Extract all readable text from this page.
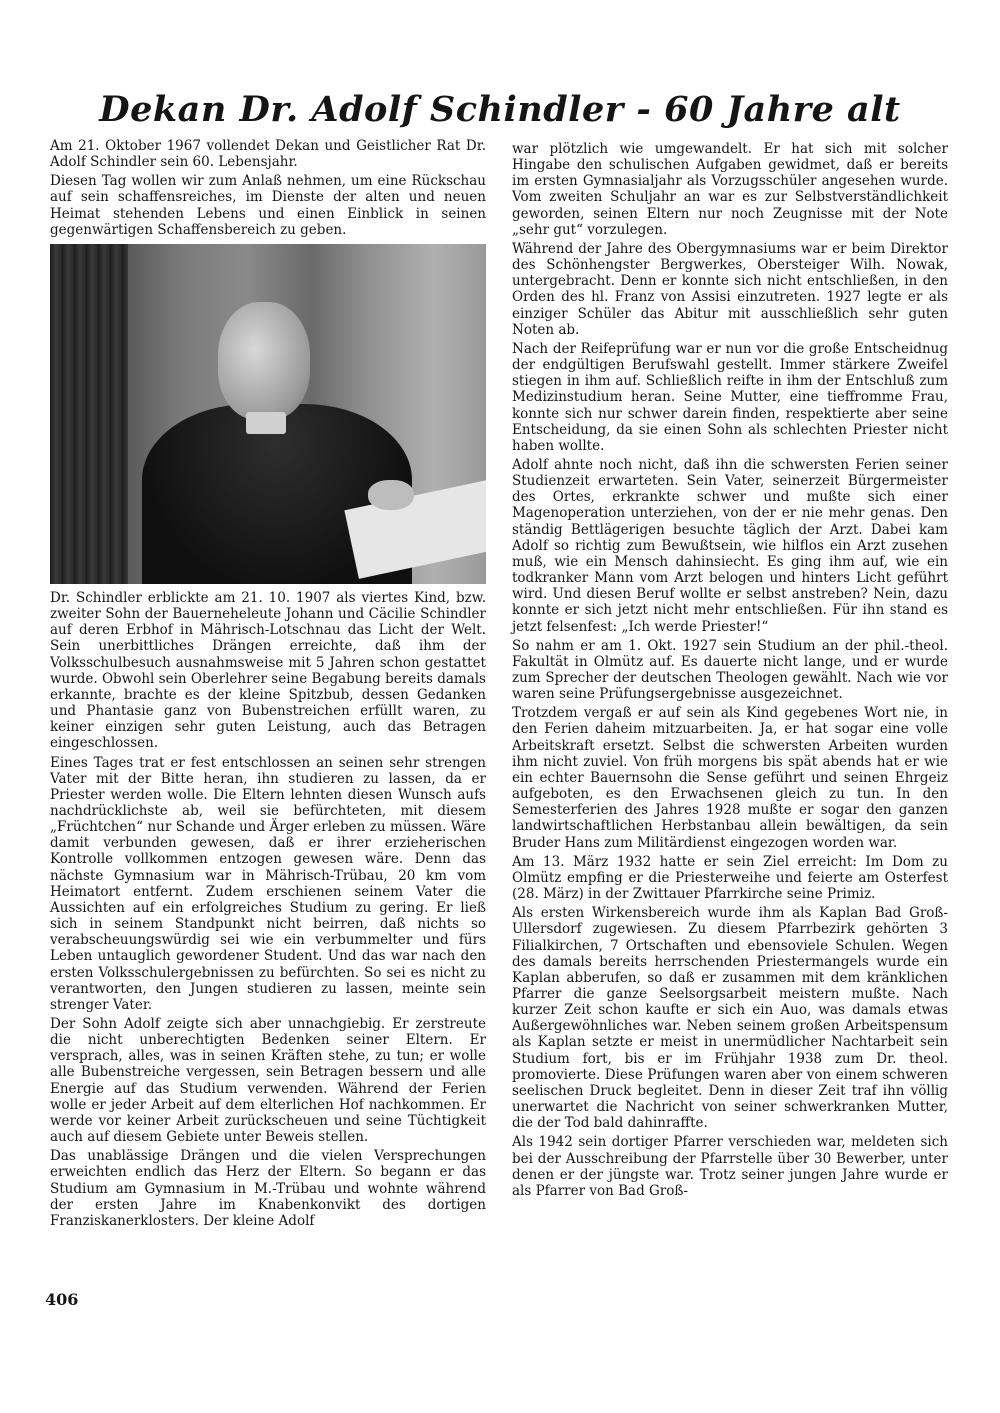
Dekan Dr. Adolf Schindler - 60 Jahre alt

Am 21. Oktober 1967 vollendet Dekan und Geistlicher Rat Dr. Adolf Schindler sein 60. Lebensjahr.

Diesen Tag wollen wir zum Anlaß nehmen, um eine Rückschau auf sein schaffensreiches, im Dienste der alten und neuen Heimat stehenden Lebens und einen Einblick in seinen gegenwärtigen Schaffensbereich zu geben.

Dr. Schindler erblickte am 21. 10. 1907 als viertes Kind, bzw. zweiter Sohn der Bauerneheleute Johann und Cäcilie Schindler auf deren Erbhof in Mährisch-Lotschnau das Licht der Welt. Sein unerbittliches Drängen erreichte, daß ihm der Volksschulbesuch ausnahmsweise mit 5 Jahren schon gestattet wurde. Obwohl sein Oberlehrer seine Begabung bereits damals erkannte, brachte es der kleine Spitzbub, dessen Gedanken und Phantasie ganz von Bubenstreichen erfüllt waren, zu keiner einzigen sehr guten Leistung, auch das Betragen eingeschlossen.

Eines Tages trat er fest entschlossen an seinen sehr strengen Vater mit der Bitte heran, ihn studieren zu lassen, da er Priester werden wolle. Die Eltern lehnten diesen Wunsch aufs nachdrücklichste ab, weil sie befürchteten, mit diesem „Früchtchen“ nur Schande und Ärger erleben zu müssen. Wäre damit verbunden gewesen, daß er ihrer erzieherischen Kontrolle vollkommen entzogen gewesen wäre. Denn das nächste Gymnasium war in Mährisch-Trübau, 20 km vom Heimatort entfernt. Zudem erschienen seinem Vater die Aussichten auf ein erfolgreiches Studium zu gering. Er ließ sich in seinem Standpunkt nicht beirren, daß nichts so verabscheuungswürdig sei wie ein verbummelter und fürs Leben untauglich gewordener Student. Und das war nach den ersten Volksschulergebnissen zu befürchten. So sei es nicht zu verantworten, den Jungen studieren zu lassen, meinte sein strenger Vater.

Der Sohn Adolf zeigte sich aber unnachgiebig. Er zerstreute die nicht unberechtigten Bedenken seiner Eltern. Er versprach, alles, was in seinen Kräften stehe, zu tun; er wolle alle Bubenstreiche vergessen, sein Betragen bessern und alle Energie auf das Studium verwenden. Während der Ferien wolle er jeder Arbeit auf dem elterlichen Hof nachkommen. Er werde vor keiner Arbeit zurückscheuen und seine Tüchtigkeit auch auf diesem Gebiete unter Beweis stellen.

Das unablässige Drängen und die vielen Versprechungen erweichten endlich das Herz der Eltern. So begann er das Studium am Gymnasium in M.-Trübau und wohnte während der ersten Jahre im Knabenkonvikt des dortigen Franziskanerklosters. Der kleine Adolf

war plötzlich wie umgewandelt. Er hat sich mit solcher Hingabe den schulischen Aufgaben gewidmet, daß er bereits im ersten Gymnasialjahr als Vorzugsschüler angesehen wurde. Vom zweiten Schuljahr an war es zur Selbstverständlichkeit geworden, seinen Eltern nur noch Zeugnisse mit der Note „sehr gut“ vorzulegen.

Während der Jahre des Obergymnasiums war er beim Direktor des Schönhengster Bergwerkes, Obersteiger Wilh. Nowak, untergebracht. Denn er konnte sich nicht entschließen, in den Orden des hl. Franz von Assisi einzutreten. 1927 legte er als einziger Schüler das Abitur mit ausschließlich sehr guten Noten ab.

Nach der Reifeprüfung war er nun vor die große Entscheidnug der endgültigen Berufswahl gestellt. Immer stärkere Zweifel stiegen in ihm auf. Schließlich reifte in ihm der Entschluß zum Medizinstudium heran. Seine Mutter, eine tieffromme Frau, konnte sich nur schwer darein finden, respektierte aber seine Entscheidung, da sie einen Sohn als schlechten Priester nicht haben wollte.

Adolf ahnte noch nicht, daß ihn die schwersten Ferien seiner Studienzeit erwarteten. Sein Vater, seinerzeit Bürgermeister des Ortes, erkrankte schwer und mußte sich einer Magenoperation unterziehen, von der er nie mehr genas. Den ständig Bettlägerigen besuchte täglich der Arzt. Dabei kam Adolf so richtig zum Bewußtsein, wie hilflos ein Arzt zusehen muß, wie ein Mensch dahinsiecht. Es ging ihm auf, wie ein todkranker Mann vom Arzt belogen und hinters Licht geführt wird. Und diesen Beruf wollte er selbst anstreben? Nein, dazu konnte er sich jetzt nicht mehr entschließen. Für ihn stand es jetzt felsenfest: „Ich werde Priester!“

So nahm er am 1. Okt. 1927 sein Studium an der phil.-theol. Fakultät in Olmütz auf. Es dauerte nicht lange, und er wurde zum Sprecher der deutschen Theologen gewählt. Nach wie vor waren seine Prüfungsergebnisse ausgezeichnet.

Trotzdem vergaß er auf sein als Kind gegebenes Wort nie, in den Ferien daheim mitzuarbeiten. Ja, er hat sogar eine volle Arbeitskraft ersetzt. Selbst die schwersten Arbeiten wurden ihm nicht zuviel. Von früh morgens bis spät abends hat er wie ein echter Bauernsohn die Sense geführt und seinen Ehrgeiz aufgeboten, es den Erwachsenen gleich zu tun. In den Semesterferien des Jahres 1928 mußte er sogar den ganzen landwirtschaftlichen Herbstanbau allein bewältigen, da sein Bruder Hans zum Militärdienst eingezogen worden war.

Am 13. März 1932 hatte er sein Ziel erreicht: Im Dom zu Olmütz empfing er die Priesterweihe und feierte am Osterfest (28. März) in der Zwittauer Pfarrkirche seine Primiz.

Als ersten Wirkensbereich wurde ihm als Kaplan Bad Groß-Ullersdorf zugewiesen. Zu diesem Pfarrbezirk gehörten 3 Filialkirchen, 7 Ortschaften und ebensoviele Schulen. Wegen des damals bereits herrschenden Priestermangels wurde ein Kaplan abberufen, so daß er zusammen mit dem kränklichen Pfarrer die ganze Seelsorgsarbeit meistern mußte. Nach kurzer Zeit schon kaufte er sich ein Auo, was damals etwas Außergewöhnliches war. Neben seinem großen Arbeitspensum als Kaplan setzte er meist in unermüdlicher Nachtarbeit sein Studium fort, bis er im Frühjahr 1938 zum Dr. theol. promovierte. Diese Prüfungen waren aber von einem schweren seelischen Druck begleitet. Denn in dieser Zeit traf ihn völlig unerwartet die Nachricht von seiner schwerkranken Mutter, die der Tod bald dahinraffte.

Als 1942 sein dortiger Pfarrer verschieden war, meldeten sich bei der Ausschreibung der Pfarrstelle über 30 Bewerber, unter denen er der jüngste war. Trotz seiner jungen Jahre wurde er als Pfarrer von Bad Groß-

406
